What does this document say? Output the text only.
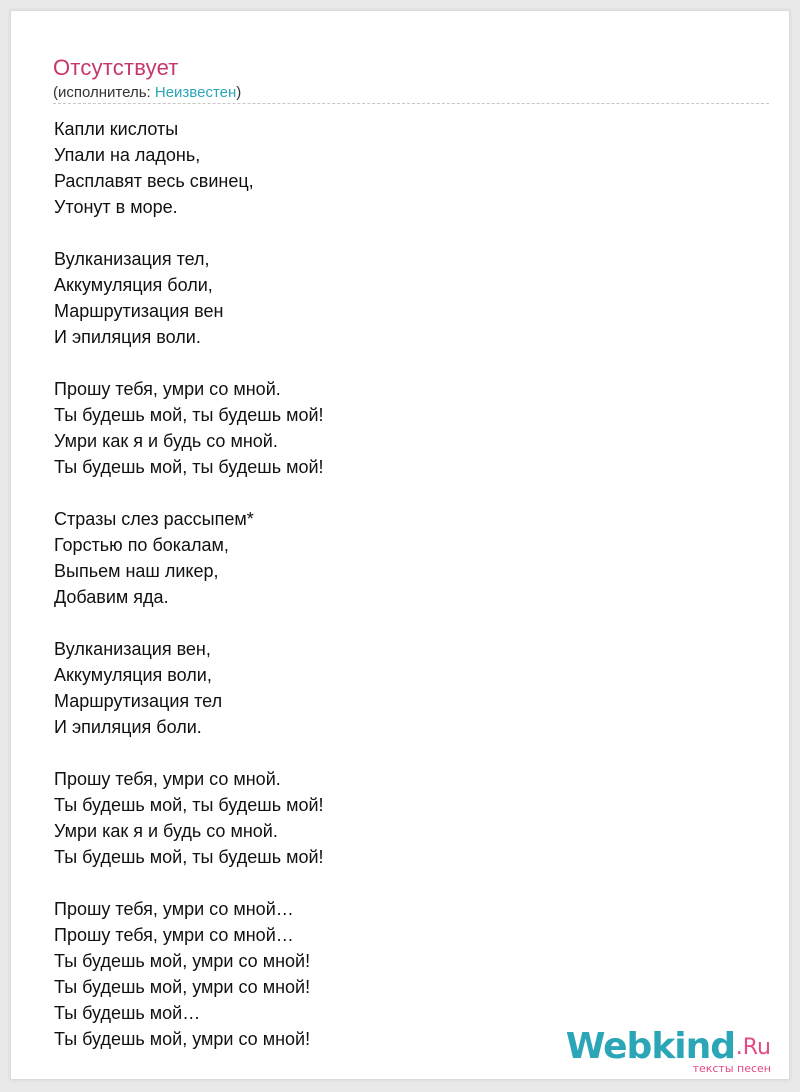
Отсутствует
(исполнитель: Неизвестен)
Капли кислоты
Упали на ладонь,
Расплавят весь свинец,
Утонут в море.
Вулканизация тел,
Аккумуляция боли,
Маршрутизация вен
И эпиляция воли.
Прошу тебя, умри со мной.
Ты будешь мой, ты будешь мой!
Умри как я и будь со мной.
Ты будешь мой, ты будешь мой!
Стразы слез рассыпем*
Горстью по бокалам,
Выпьем наш ликер,
Добавим яда.
Вулканизация вен,
Аккумуляция воли,
Маршрутизация тел
И эпиляция боли.
Прошу тебя, умри со мной.
Ты будешь мой, ты будешь мой!
Умри как я и будь со мной.
Ты будешь мой, ты будешь мой!
Прошу тебя, умри со мной…
Прошу тебя, умри со мной…
Ты будешь мой, умри со мной!
Ты будешь мой, умри со мной!
Ты будешь мой…
Ты будешь мой, умри со мной!	Webkind .Ru
тексты песен
